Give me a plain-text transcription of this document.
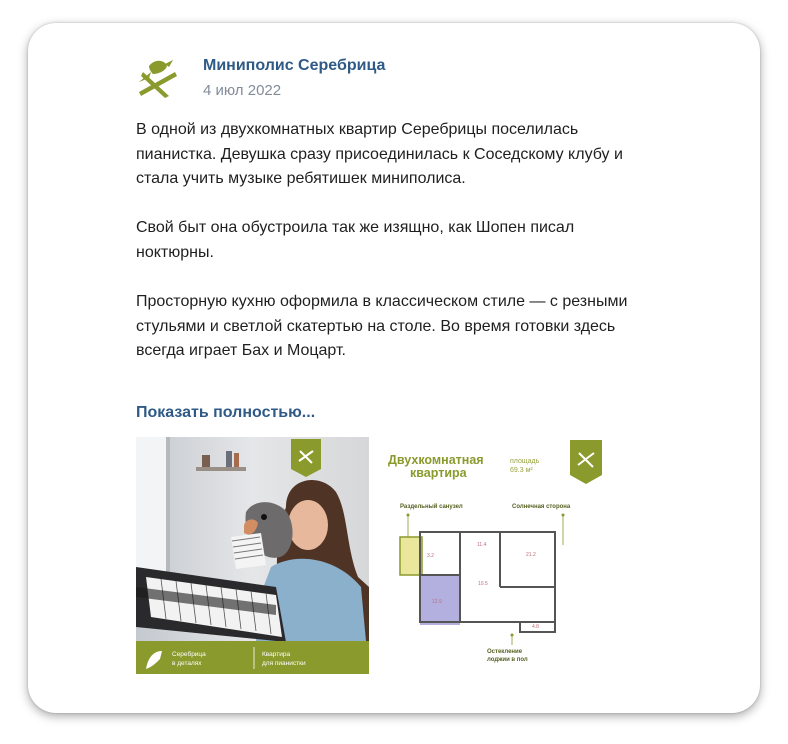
Миниполис Серебрица
4 июл 2022

В одной из двухкомнатных квартир Серебрицы поселилась пианистка. Девушка сразу присоединилась к Соседскому клубу и стала учить музыке ребятишек миниполиса.

Свой быт она обустроила так же изящно, как Шопен писал ноктюрны.

Просторную кухню оформила в классическом стиле — с резными стульями и светлой скатертью на столе. Во время готовки здесь всегда играет Бах и Моцарт.

Показать полностью...
Серебрица
в деталях
Квартира
для пианистки
Двухкомнатная
квартира
площадь
69.3 м²
Раздельный санузел	Солнечная сторона
3.2
11.4
21.2
10.5
12.9
4.8
Остекление
лоджии в пол
